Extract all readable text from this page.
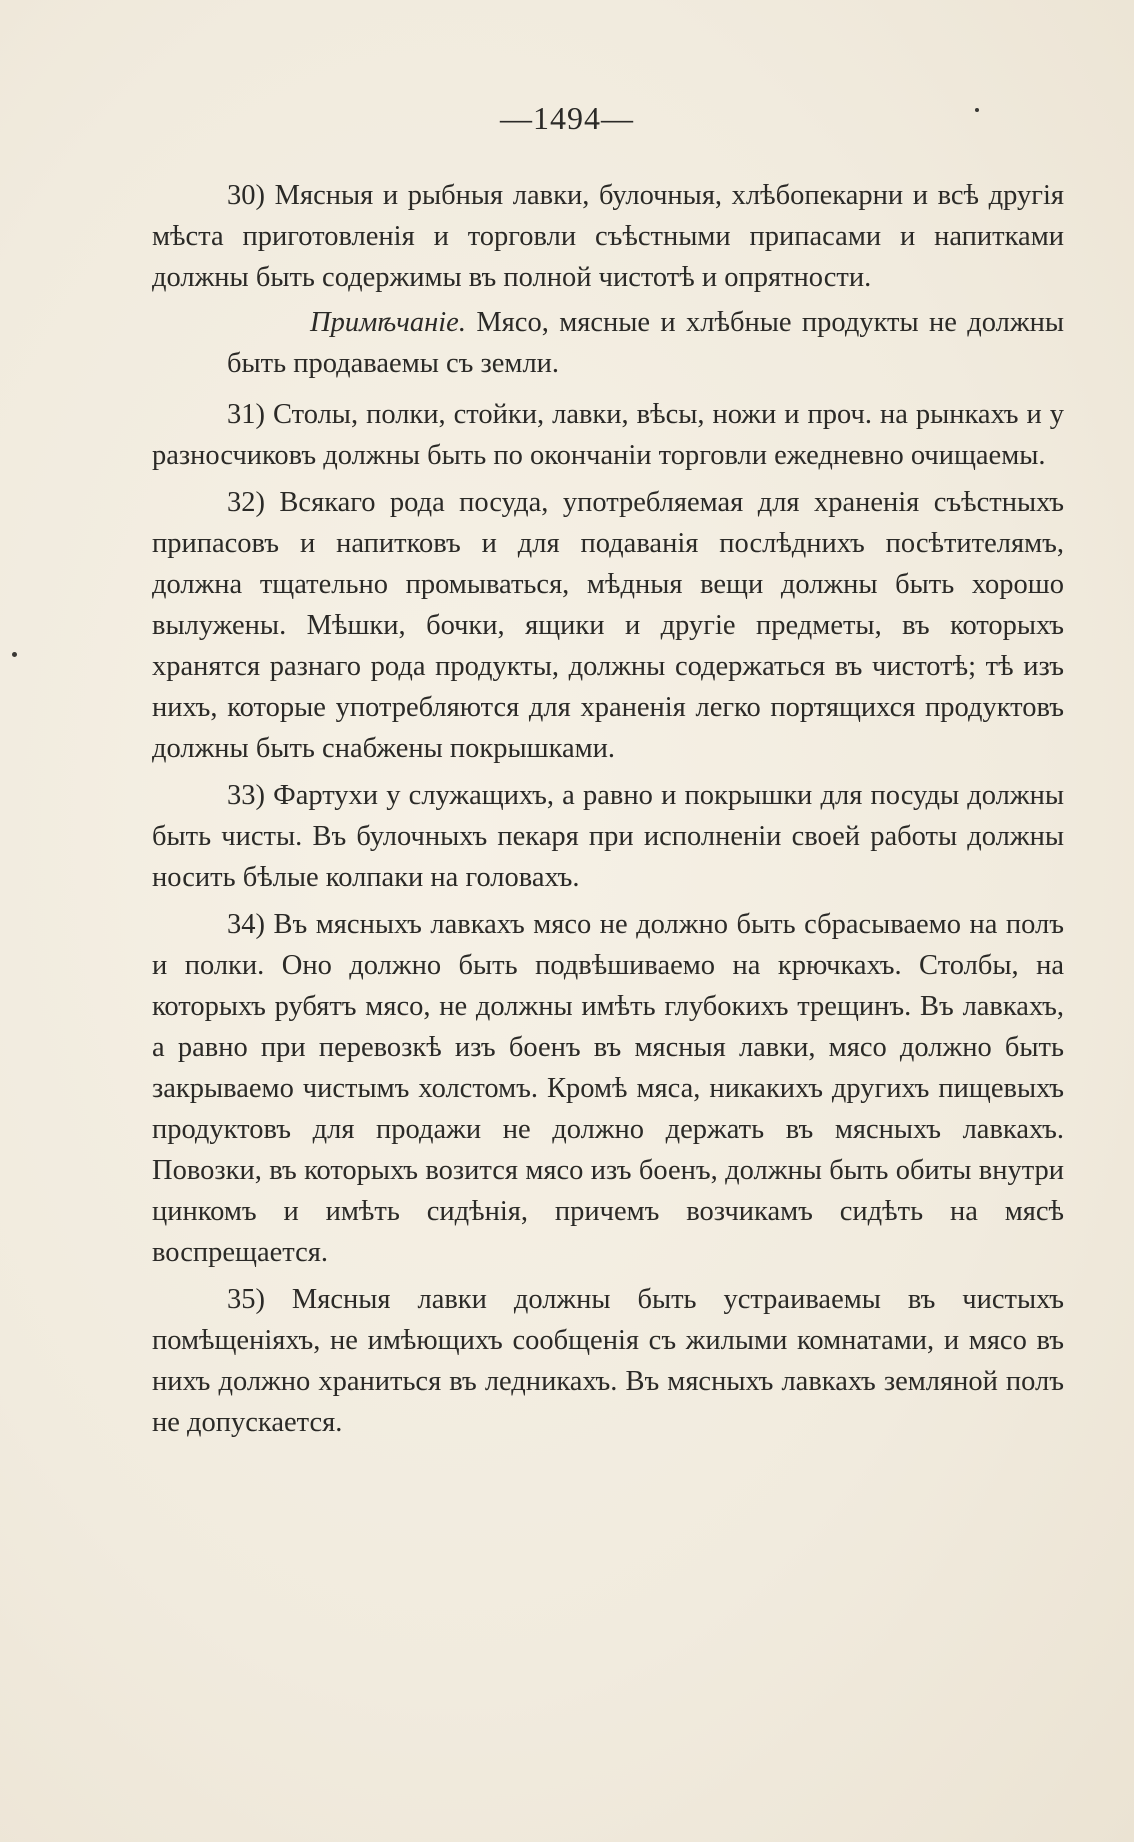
—1494—

30) Мясныя и рыбныя лавки, булочныя, хлѣбопекарни и всѣ другія мѣста приготовленія и торговли съѣстными припасами и напитками должны быть содержимы въ полной чистотѣ и опрятности.

Примѣчаніе. Мясо, мясные и хлѣбные продукты не должны быть продаваемы съ земли.

31) Столы, полки, стойки, лавки, вѣсы, ножи и проч. на рынкахъ и у разносчиковъ должны быть по окончаніи торговли ежедневно очищаемы.

32) Всякаго рода посуда, употребляемая для храненія съѣстныхъ припасовъ и напитковъ и для подаванія послѣднихъ посѣтителямъ, должна тщательно промываться, мѣдныя вещи должны быть хорошо вылужены. Мѣшки, бочки, ящики и другіе предметы, въ которыхъ хранятся разнаго рода продукты, должны содержаться въ чистотѣ; тѣ изъ нихъ, которые употребляются для храненія легко портящихся продуктовъ должны быть снабжены покрышками.

33) Фартухи у служащихъ, а равно и покрышки для посуды должны быть чисты. Въ булочныхъ пекаря при исполненіи своей работы должны носить бѣлые колпаки на головахъ.

34) Въ мясныхъ лавкахъ мясо не должно быть сбрасываемо на полъ и полки. Оно должно быть подвѣшиваемо на крючкахъ. Столбы, на которыхъ рубятъ мясо, не должны имѣть глубокихъ трещинъ. Въ лавкахъ, а равно при перевозкѣ изъ боенъ въ мясныя лавки, мясо должно быть закрываемо чистымъ холстомъ. Кромѣ мяса, никакихъ другихъ пищевыхъ продуктовъ для продажи не должно держать въ мясныхъ лавкахъ. Повозки, въ которыхъ возится мясо изъ боенъ, должны быть обиты внутри цинкомъ и имѣть сидѣнія, причемъ возчикамъ сидѣть на мясѣ воспрещается.

35) Мясныя лавки должны быть устраиваемы въ чистыхъ помѣщеніяхъ, не имѣющихъ сообщенія съ жилыми комнатами, и мясо въ нихъ должно храниться въ ледникахъ. Въ мясныхъ лавкахъ земляной полъ не допускается.
